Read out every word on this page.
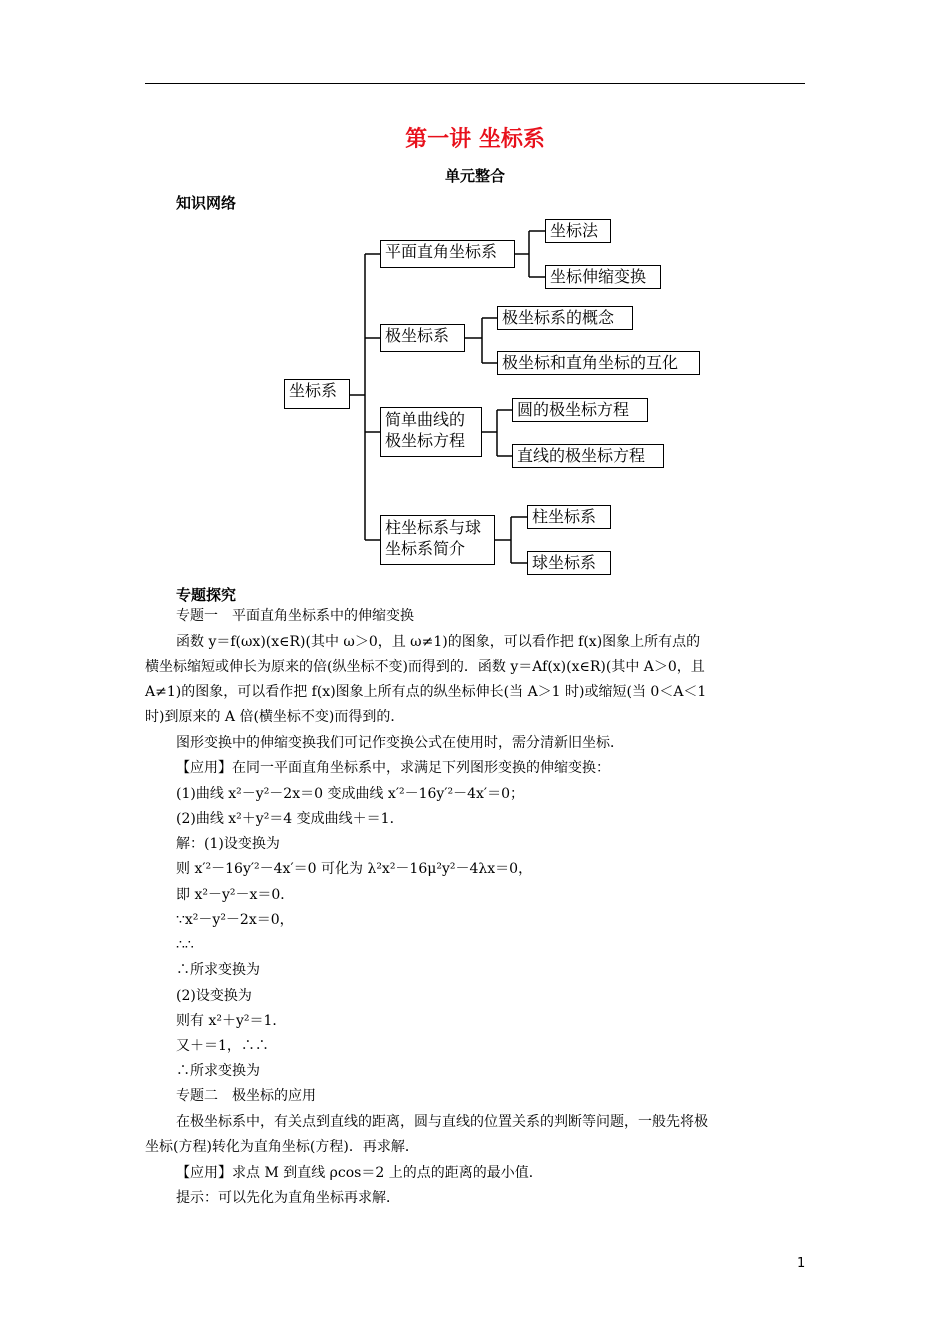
第一讲 坐标系
单元整合
知识网络
坐标系
平面直角坐标系
坐标法
坐标伸缩变换
极坐标系
极坐标系的概念
极坐标和直角坐标的互化
简单曲线的
极坐标方程
圆的极坐标方程
直线的极坐标方程
柱坐标系与球
坐标系简介
柱坐标系
球坐标系
专题探究
专题一　平面直角坐标系中的伸缩变换
函数 y＝f(ωx)(x∈R)(其中 ω＞0，且 ω≠1)的图象，可以看作把 f(x)图象上所有点的
横坐标缩短或伸长为原来的倍(纵坐标不变)而得到的．函数 y＝Af(x)(x∈R)(其中 A＞0，且
A≠1)的图象，可以看作把 f(x)图象上所有点的纵坐标伸长(当 A＞1 时)或缩短(当 0＜A＜1
时)到原来的 A 倍(横坐标不变)而得到的．
图形变换中的伸缩变换我们可记作变换公式在使用时，需分清新旧坐标．
【应用】在同一平面直角坐标系中，求满足下列图形变换的伸缩变换：
(1)曲线 x²－y²－2x＝0 变成曲线 x′²－16y′²－4x′＝0；
(2)曲线 x²＋y²＝4 变成曲线＋＝1．
解：(1)设变换为
则 x′²－16y′²－4x′＝0 可化为 λ²x²－16μ²y²－4λx＝0，
即 x²－y²－x＝0．
∵x²－y²－2x＝0，
∴∴
∴所求变换为
(2)设变换为
则有 x²＋y²＝1．
又＋＝1，∴∴
∴所求变换为
专题二　极坐标的应用
在极坐标系中，有关点到直线的距离，圆与直线的位置关系的判断等问题，一般先将极
坐标(方程)转化为直角坐标(方程)．再求解．
【应用】求点 M 到直线 ρcos＝2 上的点的距离的最小值．
提示：可以先化为直角坐标再求解．
1
